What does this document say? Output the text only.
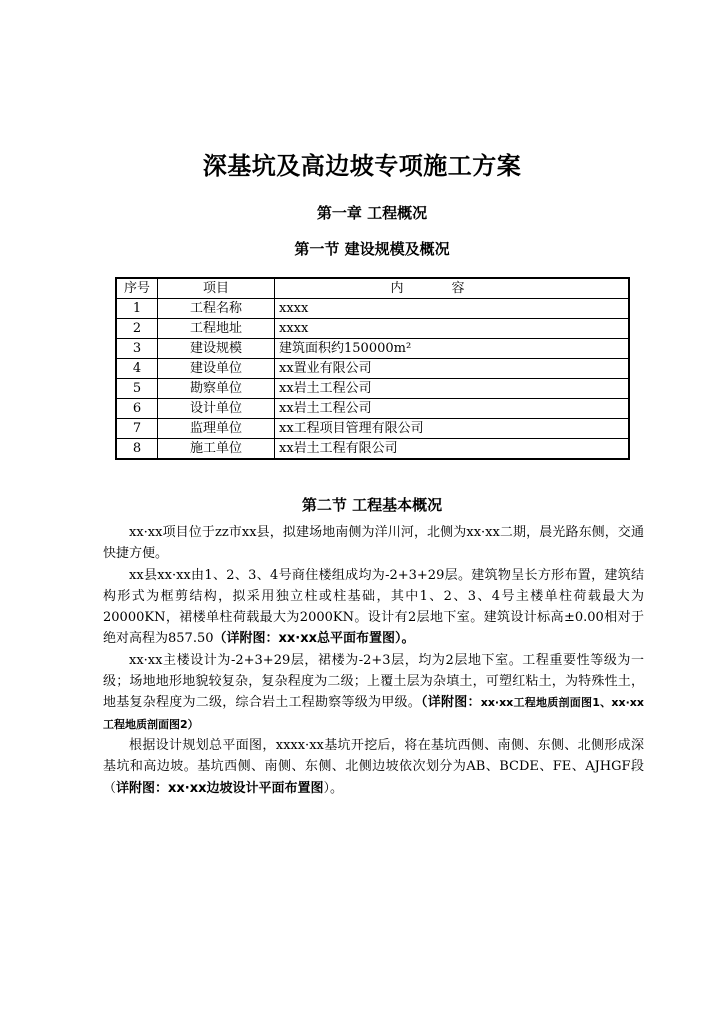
深基坑及高边坡专项施工方案
第一章 工程概况
第一节 建设规模及概况
序号	项目	内容
1	工程名称	xxxx
2	工程地址	xxxx
3	建设规模	建筑面积约150000m²
4	建设单位	xx置业有限公司
5	勘察单位	xx岩土工程公司
6	设计单位	xx岩土工程公司
7	监理单位	xx工程项目管理有限公司
8	施工单位	xx岩土工程有限公司
第二节 工程基本概况

xx·xx项目位于zz市xx县，拟建场地南侧为洋川河，北侧为xx·xx二期，晨光路东侧，交通快捷方便。

xx县xx·xx由1、2、3、4号商住楼组成均为-2+3+29层。建筑物呈长方形布置，建筑结构形式为框剪结构，拟采用独立柱或柱基础，其中1、2、3、4号主楼单柱荷载最大为20000KN，裙楼单柱荷载最大为2000KN。设计有2层地下室。建筑设计标高±0.00相对于绝对高程为857.50（详附图：xx·xx总平面布置图）。

xx·xx主楼设计为-2+3+29层，裙楼为-2+3层，均为2层地下室。工程重要性等级为一级；场地地形地貌较复杂，复杂程度为二级；上覆土层为杂填土，可塑红粘土，为特殊性土，地基复杂程度为二级，综合岩土工程勘察等级为甲级。（详附图：xx·xx工程地质剖面图1、xx·xx工程地质剖面图2）

根据设计规划总平面图，xxxx·xx基坑开挖后，将在基坑西侧、南侧、东侧、北侧形成深基坑和高边坡。基坑西侧、南侧、东侧、北侧边坡依次划分为AB、BCDE、FE、AJHGF段（详附图：xx·xx边坡设计平面布置图）。
